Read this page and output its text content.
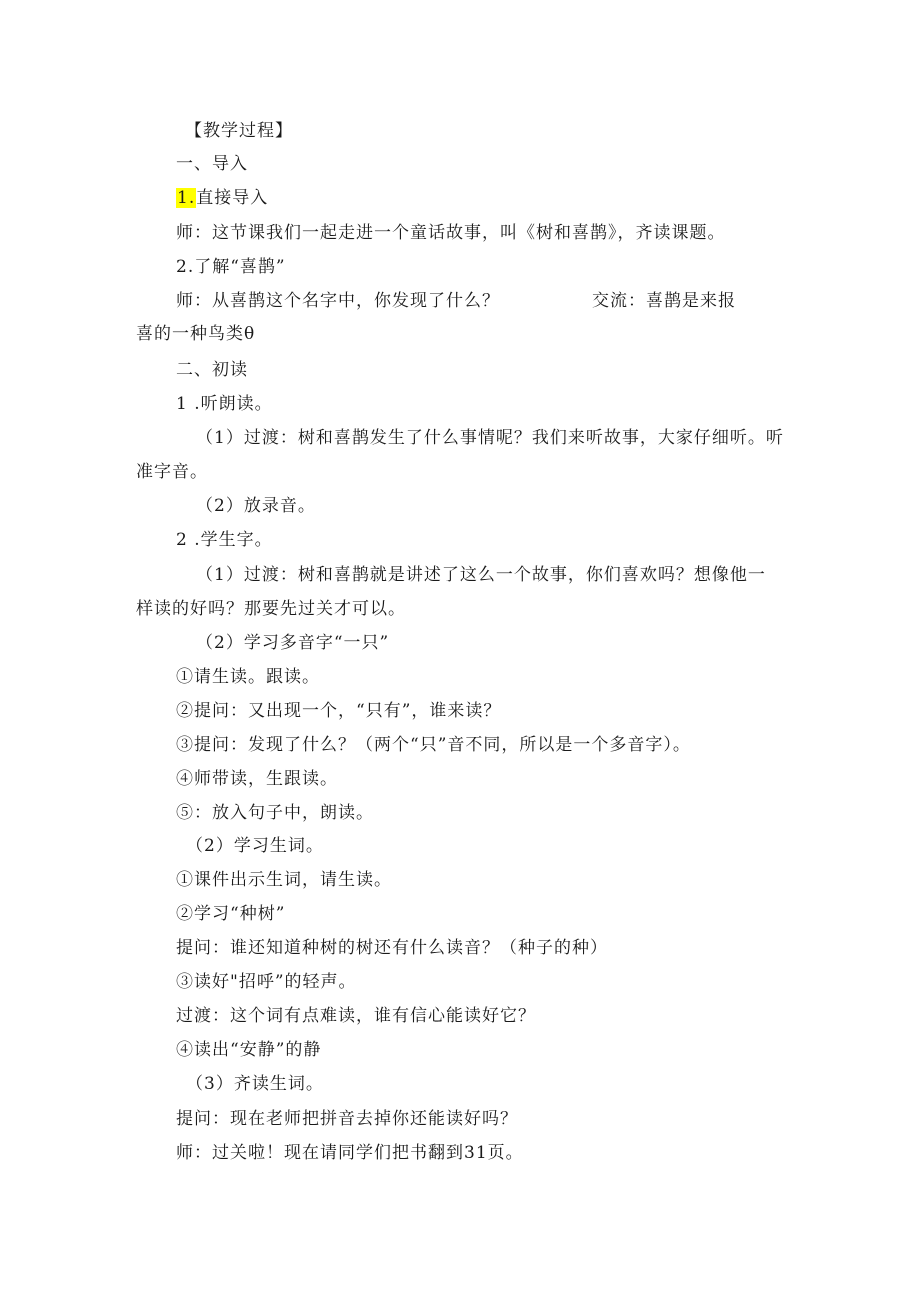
【教学过程】
一、导入
1.直接导入
师：这节课我们一起走进一个童话故事，叫《树和喜鹊》，齐读课题。
2.了解“喜鹊”
师：从喜鹊这个名字中，你发现了什么？	交流：喜鹊是来报
喜的一种鸟类θ
二、初读
1 .听朗读。
（1）过渡：树和喜鹊发生了什么事情呢？我们来听故事，大家仔细听。听
准字音。
（2）放录音。
2 .学生字。
（1）过渡：树和喜鹊就是讲述了这么一个故事，你们喜欢吗？想像他一
样读的好吗？那要先过关才可以。
（2）学习多音字“一只”
①请生读。跟读。
②提问：又出现一个，“只有”，谁来读？
③提问：发现了什么？（两个“只”音不同，所以是一个多音字）。
④师带读，生跟读。
⑤：放入句子中，朗读。
（2）学习生词。
①课件出示生词，请生读。
②学习“种树”
提问：谁还知道种树的树还有什么读音？（种子的种）
③读好"招呼”的轻声。
过渡：这个词有点难读，谁有信心能读好它？
④读出“安静”的静
（3）齐读生词。
提问：现在老师把拼音去掉你还能读好吗？
师：过关啦！现在请同学们把书翻到31页。
